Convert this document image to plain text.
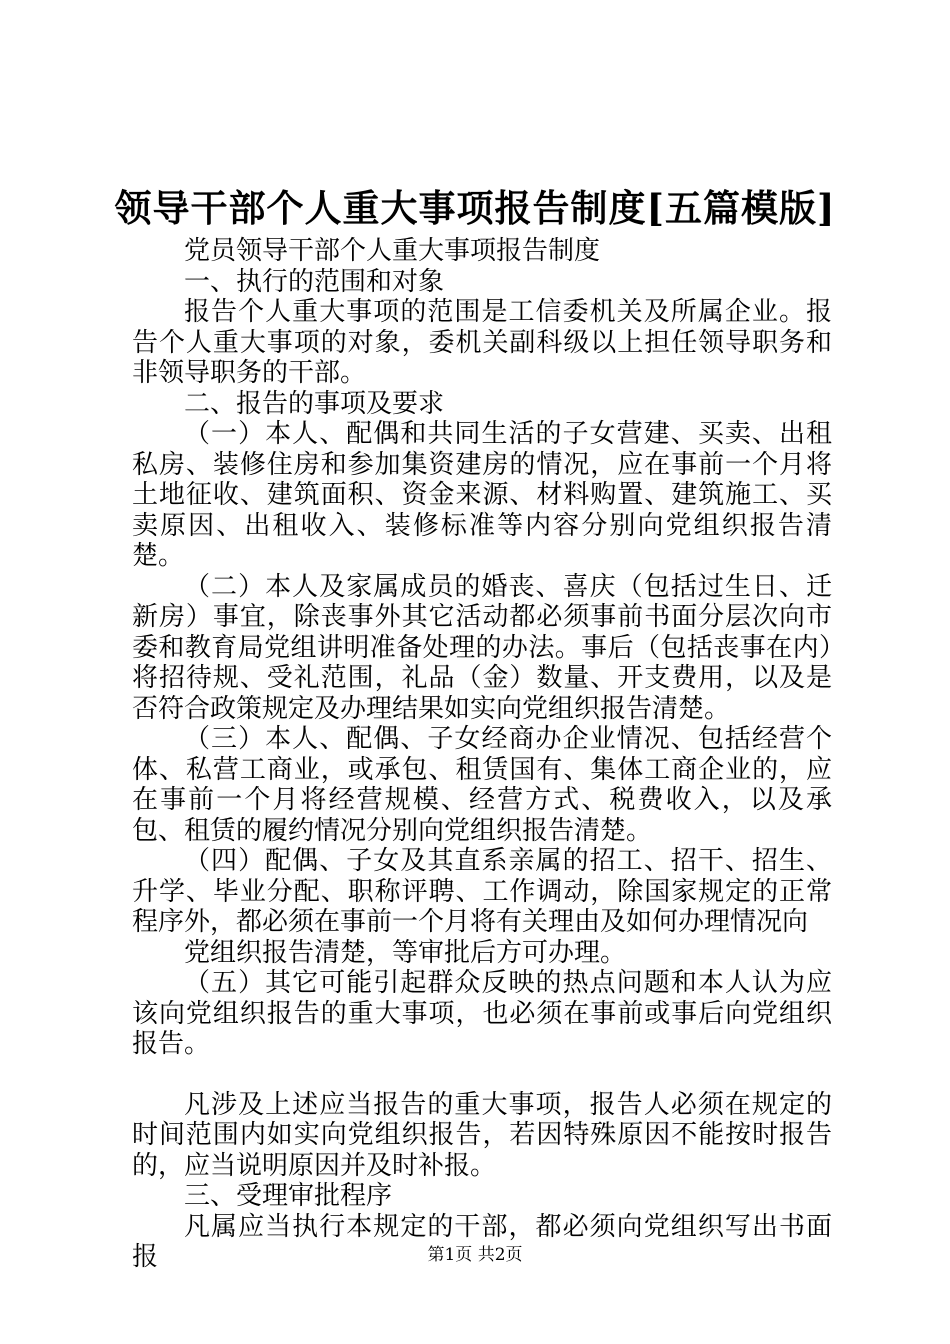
领导干部个人重大事项报告制度[五篇模版]

党员领导干部个人重大事项报告制度

一、执行的范围和对象

报告个人重大事项的范围是工信委机关及所属企业。报告个人重大事项的对象，委机关副科级以上担任领导职务和非领导职务的干部。

二、报告的事项及要求

（一）本人、配偶和共同生活的子女营建、买卖、出租私房、装修住房和参加集资建房的情况，应在事前一个月将土地征收、建筑面积、资金来源、材料购置、建筑施工、买卖原因、出租收入、装修标准等内容分别向党组织报告清楚。

（二）本人及家属成员的婚丧、喜庆（包括过生日、迁新房）事宜，除丧事外其它活动都必须事前书面分层次向市委和教育局党组讲明准备处理的办法。事后（包括丧事在内）将招待规、受礼范围，礼品（金）数量、开支费用，以及是否符合政策规定及办理结果如实向党组织报告清楚。

（三）本人、配偶、子女经商办企业情况、包括经营个体、私营工商业，或承包、租赁国有、集体工商企业的，应在事前一个月将经营规模、经营方式、税费收入，以及承包、租赁的履约情况分别向党组织报告清楚。

（四）配偶、子女及其直系亲属的招工、招干、招生、升学、毕业分配、职称评聘、工作调动，除国家规定的正常程序外，都必须在事前一个月将有关理由及如何办理情况向

党组织报告清楚，等审批后方可办理。

（五）其它可能引起群众反映的热点问题和本人认为应该向党组织报告的重大事项，也必须在事前或事后向党组织报告。

凡涉及上述应当报告的重大事项，报告人必须在规定的时间范围内如实向党组织报告，若因特殊原因不能按时报告的，应当说明原因并及时补报。

三、受理审批程序

凡属应当执行本规定的干部，都必须向党组织写出书面报	第1页 共2页
